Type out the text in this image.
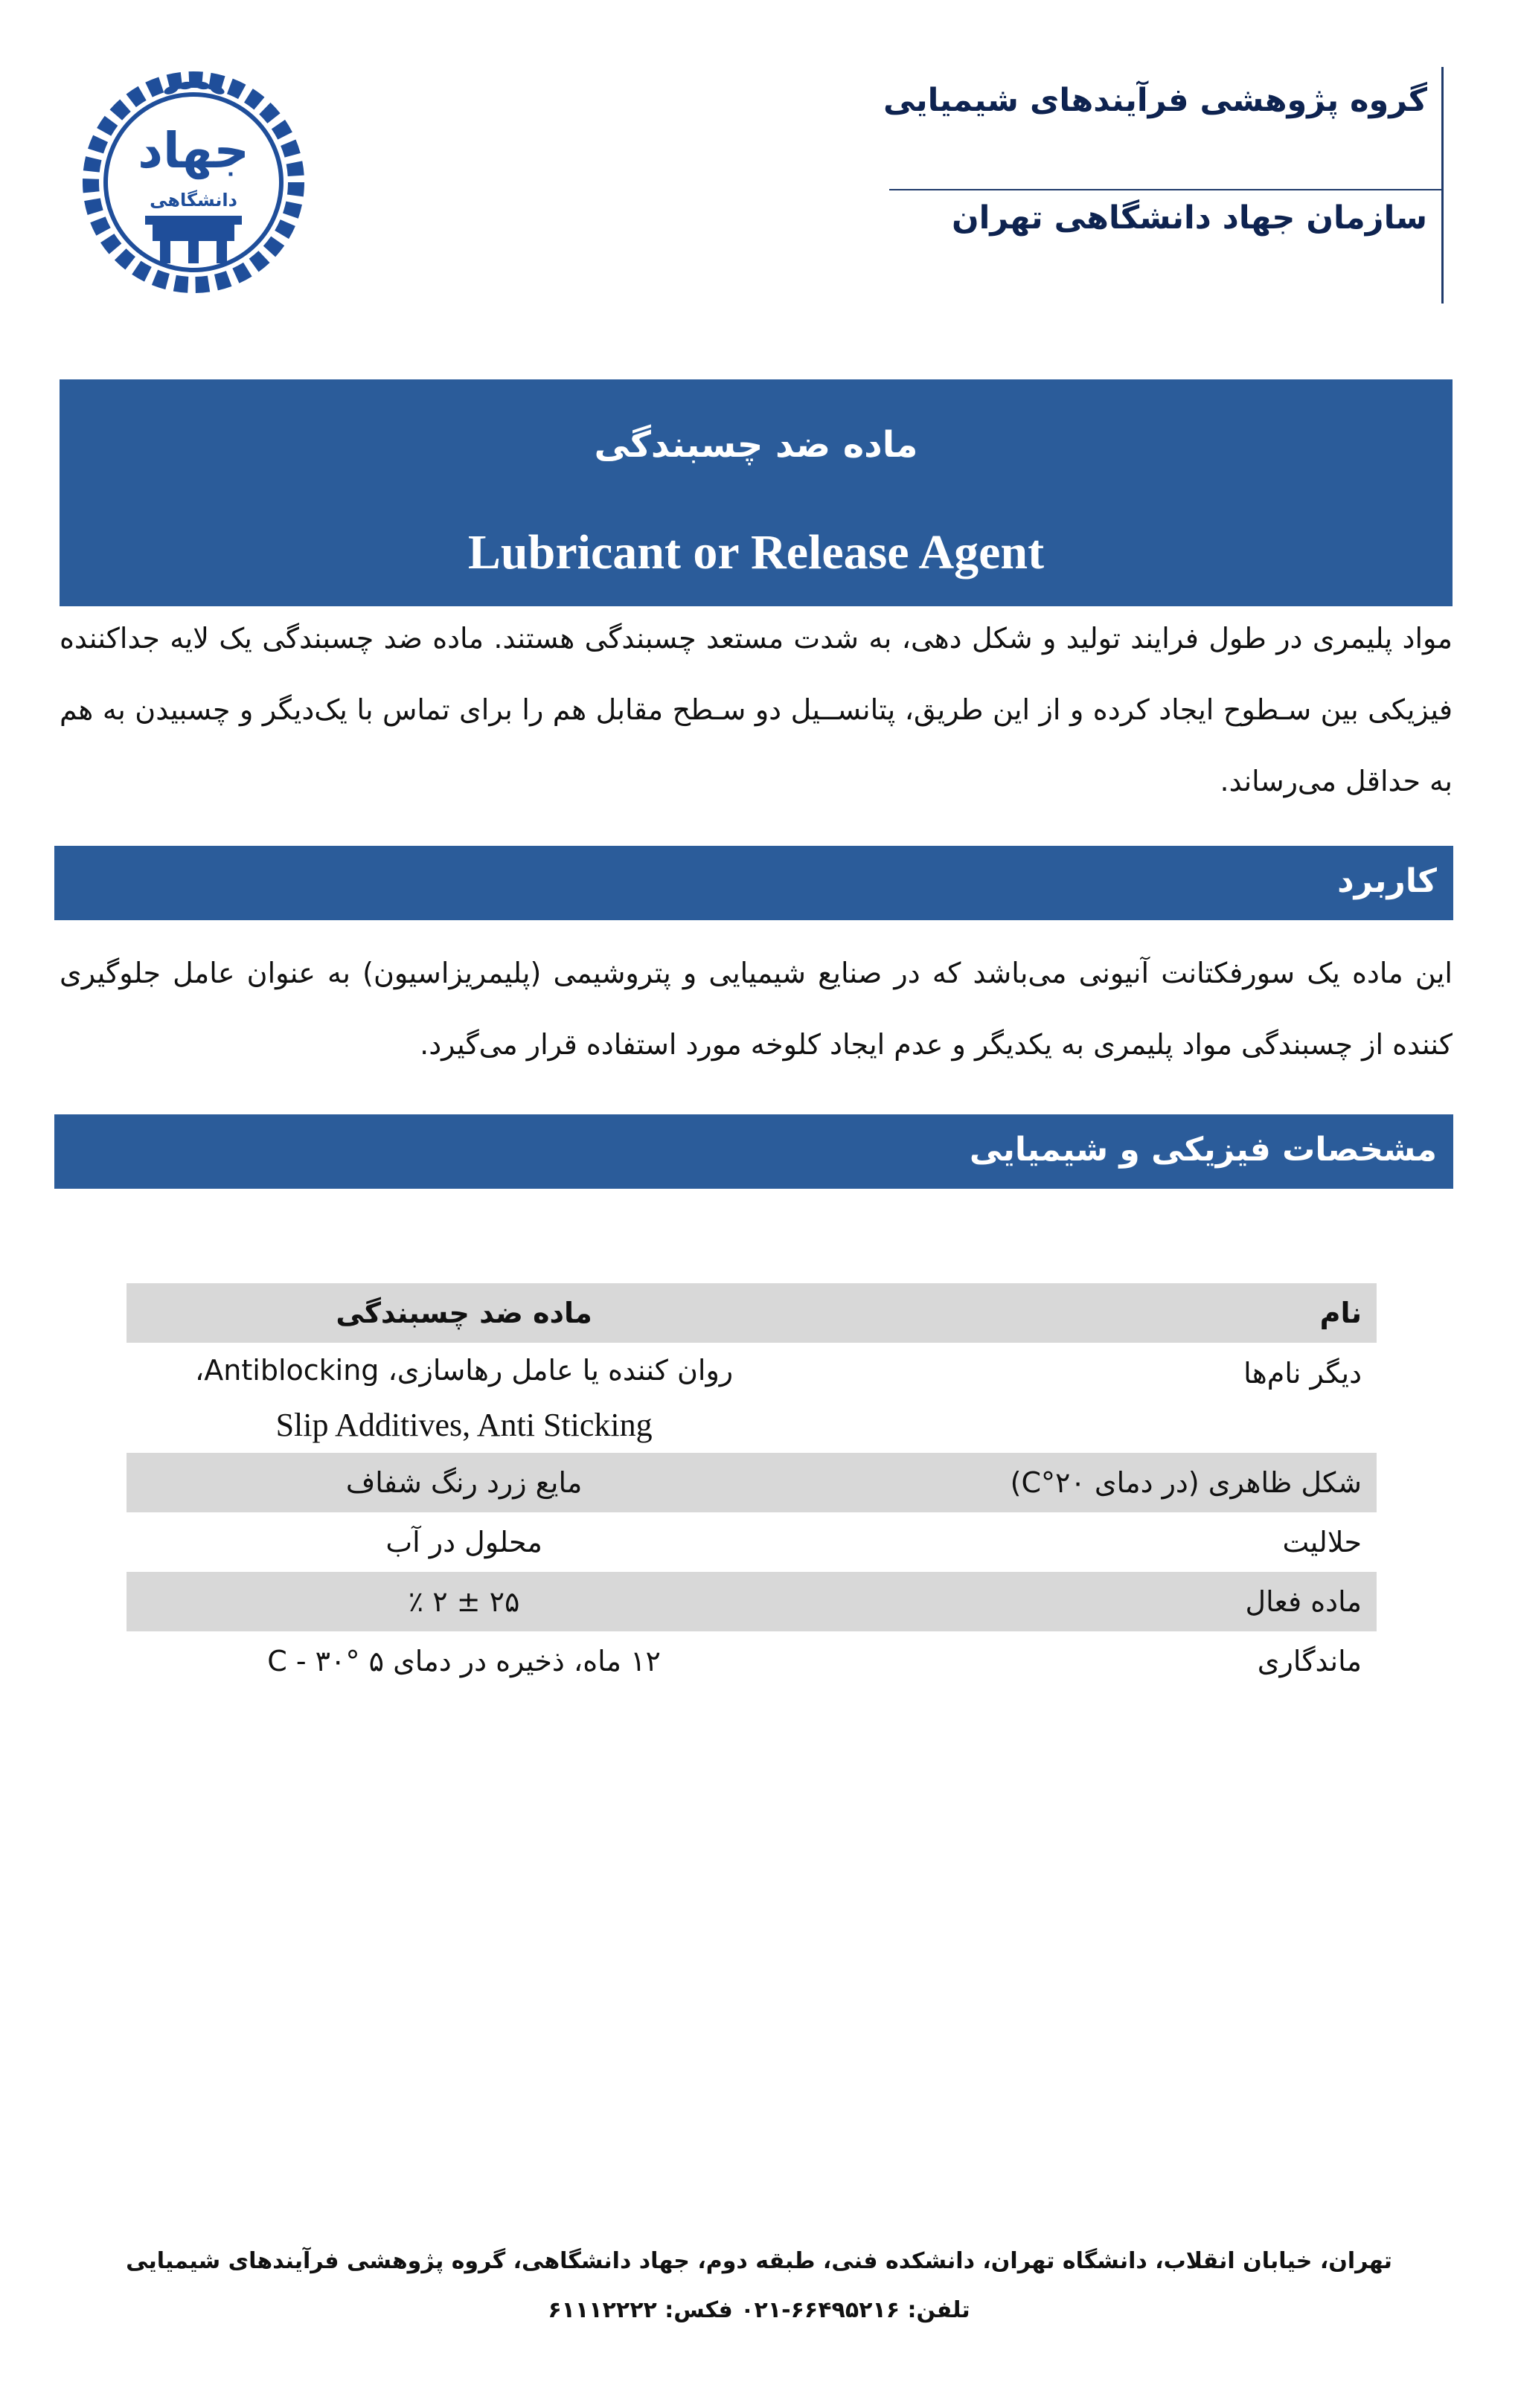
جهاد
دانشگاهی
گروه پژوهشی فرآیندهای شیمیایی
سازمان جهاد دانشگاهی تهران
ماده ضد چسبندگی
Lubricant or Release Agent
مواد پلیمری در طول فرایند تولید و شکل دهی، به شدت مستعد چسبندگی هستند. ماده ضد چسبندگی یک لایه جداکننده فیزیکی بین سـطوح ایجاد کرده و از این طریق، پتانســیل دو سـطح مقابل هم را برای تماس با یک‌دیگر و چسبیدن به هم به حداقل می‌رساند.
کاربرد
این ماده یک سورفکتانت آنیونی می‌باشد که در صنایع شیمیایی و پتروشیمی (پلیمریزاسیون) به عنوان عامل جلوگیری کننده از چسبندگی مواد پلیمری به یکدیگر و عدم ایجاد کلوخه مورد استفاده قرار می‌گیرد.
مشخصات فیزیکی و شیمیایی
نام	ماده ضد چسبندگی
دیگر نام‌ها	روان کننده یا عامل رهاسازی، Antiblocking،
Slip Additives, Anti Sticking

شکل ظاهری (در دمای ۲۰°C)	مایع زرد رنگ شفاف
حلالیت	محلول در آب
ماده فعال	۲۵ ± ۲ ٪
ماندگاری	۱۲ ماه، ذخیره در دمای ۵ °C - ۳۰
تهران، خیابان انقلاب، دانشگاه تهران، دانشکده فنی، طبقه دوم، جهاد دانشگاهی، گروه پژوهشی فرآیندهای شیمیایی
تلفن: ۶۶۴۹۵۲۱۶-۰۲۱ فکس: ۶۱۱۱۲۲۲۲
